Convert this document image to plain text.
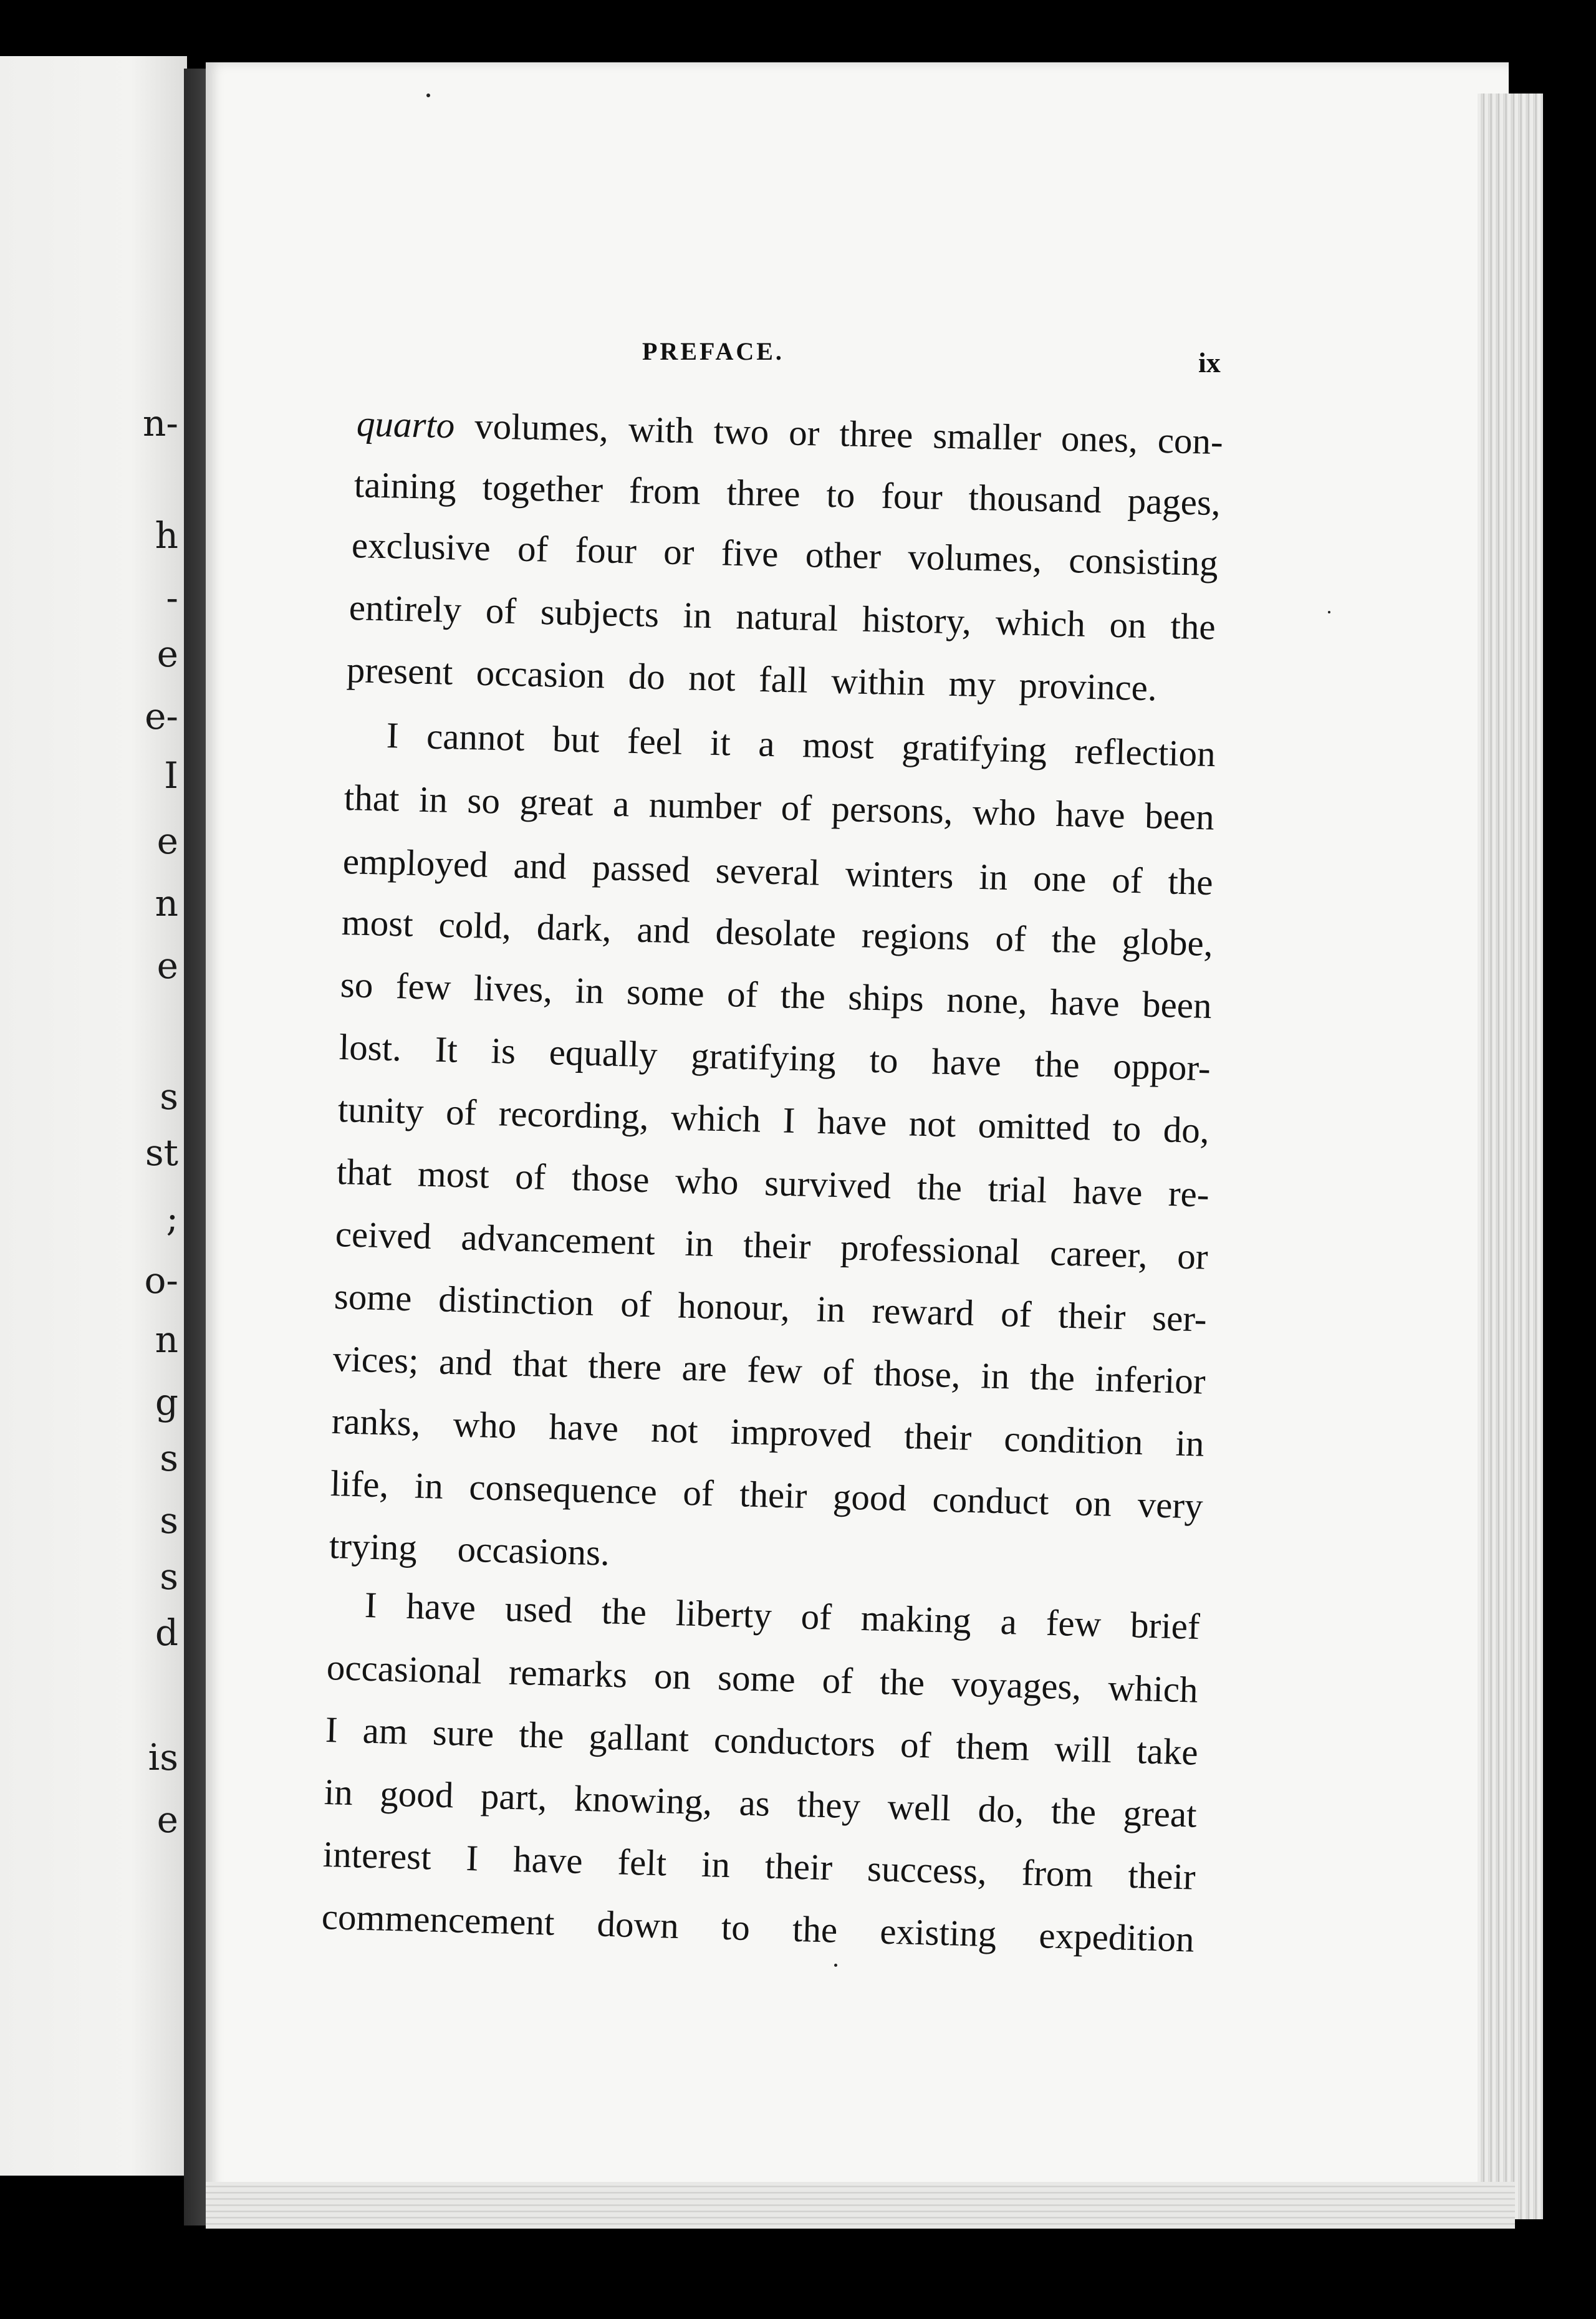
n-
h
-
e
e-
I
e
n
e
s
st
;
o-
n
g
s
s
s
d
is
e
PREFACE.	ix
quarto volumes, with two or three smaller ones, con-
taining together from three to four thousand pages,
exclusive of four or five other volumes, consisting
entirely of subjects in natural history, which on the
present occasion do not fall within my province.
I cannot but feel it a most gratifying reflection
that in so great a number of persons, who have been
employed and passed several winters in one of the
most cold, dark, and desolate regions of the globe,
so few lives, in some of the ships none, have been
lost. It is equally gratifying to have the oppor-
tunity of recording, which I have not omitted to do,
that most of those who survived the trial have re-
ceived advancement in their professional career, or
some distinction of honour, in reward of their ser-
vices; and that there are few of those, in the inferior
ranks, who have not improved their condition in
life, in consequence of their good conduct on very
trying occasions.
I have used the liberty of making a few brief
occasional remarks on some of the voyages, which
I am sure the gallant conductors of them will take
in good part, knowing, as they well do, the great
interest I have felt in their success, from their
commencement down to the existing expedition
